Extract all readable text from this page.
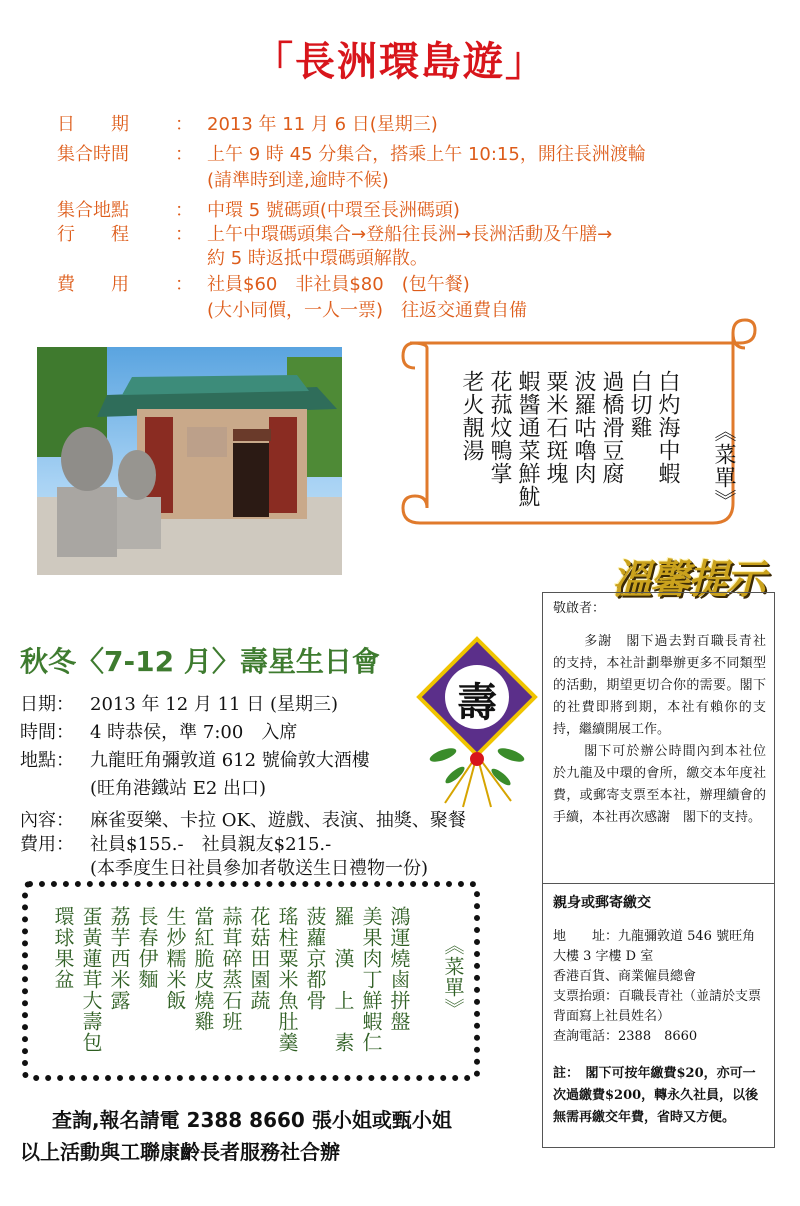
「長洲環島遊」
日　　期	： 2013 年 11 月 6 日(星期三)
集合時間	： 上午 9 時 45 分集合，搭乘上午 10:15，開往長洲渡輪
(請準時到達,逾時不候)
集合地點	： 中環 5 號碼頭(中環至長洲碼頭)
行　　程	： 上午中環碼頭集合→登船往長洲→長洲活動及午膳→
約 5 時返抵中環碼頭解散。
費　　用	： 社員$60　非社員$80　(包午餐)
(大小同價，一人一票)　往返交通費自備
《菜單》
白灼海中蝦
白切雞
過橋滑豆腐
波羅咕嚕肉
粟米石斑塊
蝦醬通菜鮮魷
花菰炆鴨掌
老火靚湯
溫馨提示

敬啟者：

多謝　閣下過去對百職長青社的支持，本社計劃舉辦更多不同類型的活動，期望更切合你的需要。閣下的社費即將到期，本社有賴你的支持，繼續開展工作。

閣下可於辦公時間內到本社位於九龍及中環的會所，繳交本年度社費，或郵寄支票至本社，辦理續會的手續，本社再次感謝　閣下的支持。

親身或郵寄繳交

地　　址：九龍彌敦道 546 號旺角大樓 3 字樓 D 室

香港百貨、商業僱員總會

支票抬頭：百職長青社（並請於支票背面寫上社員姓名）

查詢電話：2388　8660

註：　閣下可按年繳費$20，亦可一次過繳費$200，轉永久社員，以後無需再繳交年費，省時又方便。

秋冬〈7-12 月〉壽星生日會
日期： 2013 年 12 月 11 日 (星期三)
時間： 4 時恭侯，準 7:00　入席
地點： 九龍旺角彌敦道 612 號倫敦大酒樓
(旺角港鐵站 E2 出口)
內容： 麻雀耍樂、卡拉 OK、遊戲、表演、抽獎、聚餐
費用： 社員$155.-　社員親友$215.-
(本季度生日社員參加者敬送生日禮物一份)
壽
《菜單》
鴻運燒鹵拼盤
美果肉丁鮮蝦仁
羅　漢　上　素
菠蘿京都骨
瑤柱粟米魚肚羹
花菇田園蔬
蒜茸碎蒸石班
當紅脆皮燒雞
生炒糯米飯
長春伊麵
荔芋西米露
蛋黃蓮茸大壽包
環球果盆
查詢,報名請電 2388 8660 張小姐或甄小姐
以上活動與工聯康齡長者服務社合辦
